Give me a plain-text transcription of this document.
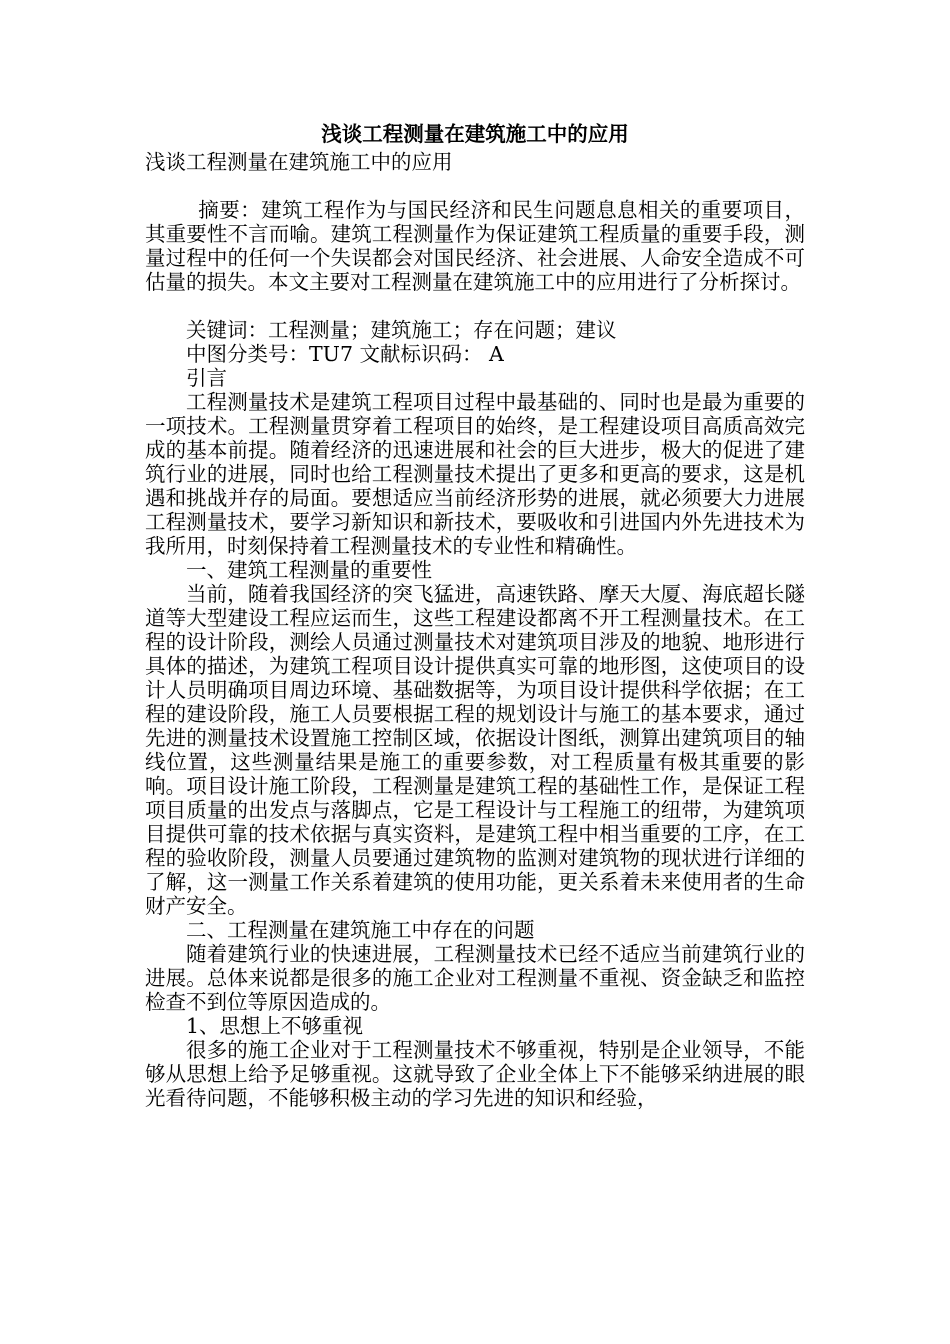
浅谈工程测量在建筑施工中的应用

浅谈工程测量在建筑施工中的应用

摘要：建筑工程作为与国民经济和民生问题息息相关的重要项目，其重要性不言而喻。建筑工程测量作为保证建筑工程质量的重要手段，测量过程中的任何一个失误都会对国民经济、社会进展、人命安全造成不可估量的损失。本文主要对工程测量在建筑施工中的应用进行了分析探讨。

关键词：工程测量；建筑施工；存在问题；建议

中图分类号：TU7 文献标识码： A

引言

工程测量技术是建筑工程项目过程中最基础的、同时也是最为重要的一项技术。工程测量贯穿着工程项目的始终，是工程建设项目高质高效完成的基本前提。随着经济的迅速进展和社会的巨大进步，极大的促进了建筑行业的进展，同时也给工程测量技术提出了更多和更高的要求，这是机遇和挑战并存的局面。要想适应当前经济形势的进展，就必须要大力进展工程测量技术，要学习新知识和新技术，要吸收和引进国内外先进技术为我所用，时刻保持着工程测量技术的专业性和精确性。

一、建筑工程测量的重要性

当前，随着我国经济的突飞猛进，高速铁路、摩天大厦、海底超长隧道等大型建设工程应运而生，这些工程建设都离不开工程测量技术。在工程的设计阶段，测绘人员通过测量技术对建筑项目涉及的地貌、地形进行具体的描述，为建筑工程项目设计提供真实可靠的地形图，这使项目的设计人员明确项目周边环境、基础数据等，为项目设计提供科学依据；在工程的建设阶段，施工人员要根据工程的规划设计与施工的基本要求，通过先进的测量技术设置施工控制区域，依据设计图纸，测算出建筑项目的轴线位置，这些测量结果是施工的重要参数，对工程质量有极其重要的影响。项目设计施工阶段，工程测量是建筑工程的基础性工作，是保证工程项目质量的出发点与落脚点，它是工程设计与工程施工的纽带，为建筑项目提供可靠的技术依据与真实资料，是建筑工程中相当重要的工序，在工程的验收阶段，测量人员要通过建筑物的监测对建筑物的现状进行详细的了解，这一测量工作关系着建筑的使用功能，更关系着未来使用者的生命财产安全。

二、工程测量在建筑施工中存在的问题

随着建筑行业的快速进展，工程测量技术已经不适应当前建筑行业的进展。总体来说都是很多的施工企业对工程测量不重视、资金缺乏和监控检查不到位等原因造成的。

1、思想上不够重视

很多的施工企业对于工程测量技术不够重视，特别是企业领导，不能够从思想上给予足够重视。这就导致了企业全体上下不能够采纳进展的眼光看待问题，不能够积极主动的学习先进的知识和经验，
